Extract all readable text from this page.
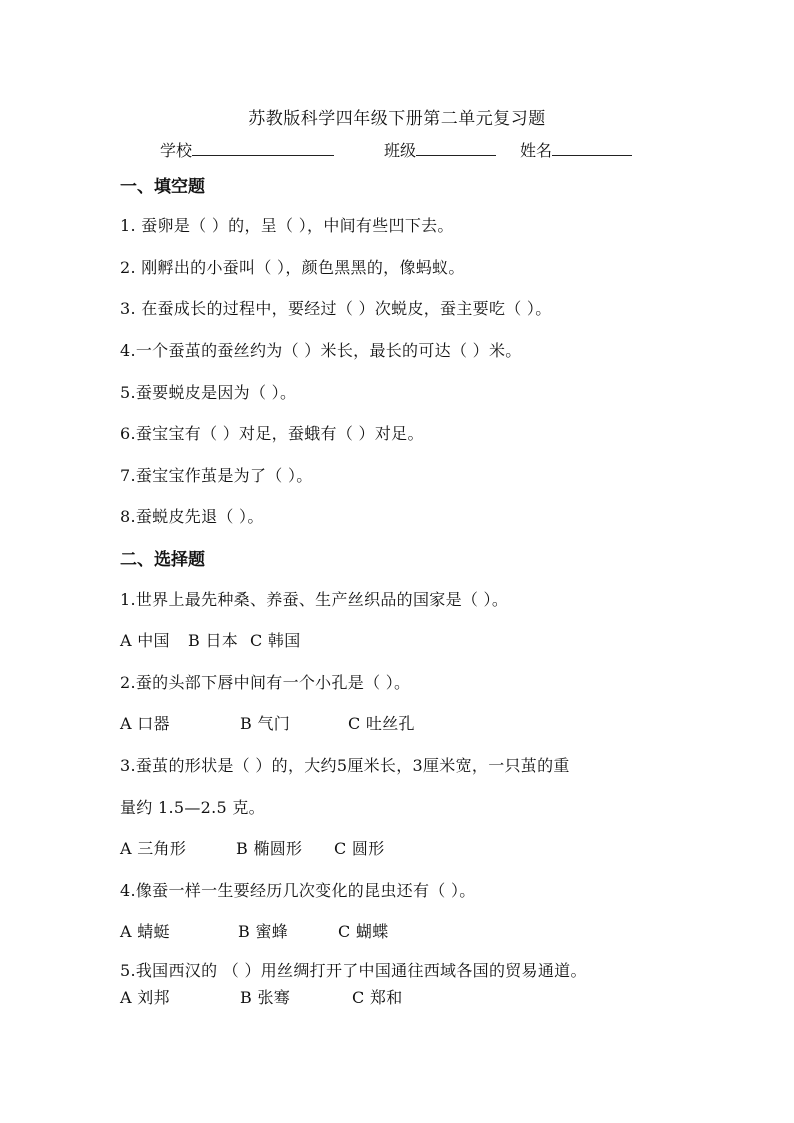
苏教版科学四年级下册第二单元复习题
学校	班级	姓名
一、填空题
1. 蚕卵是（ ）的，呈（ ），中间有些凹下去。
2. 刚孵出的小蚕叫（ ），颜色黑黑的，像蚂蚁。
3. 在蚕成长的过程中，要经过（ ）次蜕皮，蚕主要吃（ ）。
4.一个蚕茧的蚕丝约为（ ）米长，最长的可达（ ）米。
5.蚕要蜕皮是因为（ ）。
6.蚕宝宝有（ ）对足，蚕蛾有（ ）对足。
7.蚕宝宝作茧是为了（ ）。
8.蚕蜕皮先退（ ）。
二、选择题
1.世界上最先种桑、养蚕、生产丝织品的国家是（ ）。
A 中国 B 日本 C 韩国
2.蚕的头部下唇中间有一个小孔是（ ）。
A 口器	B 气门	C 吐丝孔
3.蚕茧的形状是（ ）的，大约5厘米长，3厘米宽，一只茧的重
量约 1.5—2.5 克。
A 三角形	B 椭圆形 C 圆形
4.像蚕一样一生要经历几次变化的昆虫还有（ ）。
A 蜻蜓	B 蜜蜂	C 蝴蝶
5.我国西汉的 （ ）用丝绸打开了中国通往西域各国的贸易通道。
A 刘邦	B 张骞	C 郑和
